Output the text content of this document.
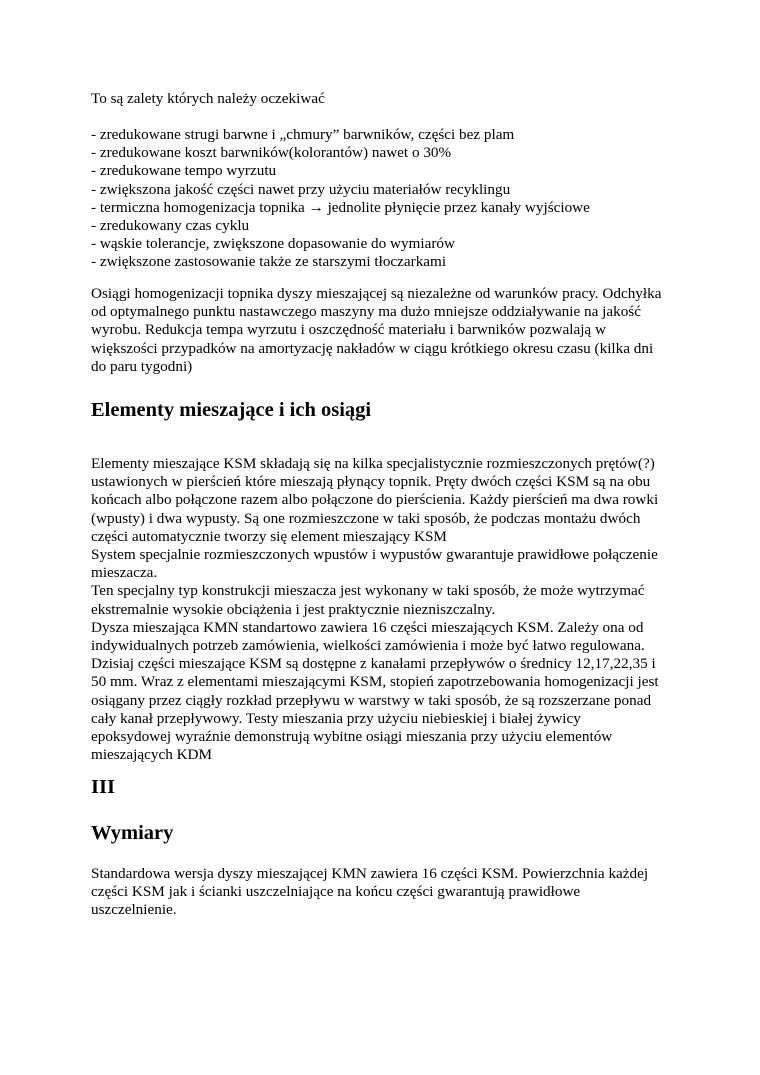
To są zalety których należy oczekiwać
- zredukowane strugi barwne i „chmury” barwników, części bez plam
- zredukowane koszt barwników(kolorantów) nawet o 30%
- zredukowane tempo wyrzutu
- zwiększona jakość części nawet przy użyciu materiałów recyklingu
- termiczna homogenizacja topnika → jednolite płynięcie przez kanały wyjściowe
- zredukowany czas cyklu
- wąskie tolerancje, zwiększone dopasowanie do wymiarów
- zwiększone zastosowanie także ze starszymi tłoczarkami
Osiągi homogenizacji topnika dyszy mieszającej są niezależne od warunków pracy. Odchyłka
od optymalnego punktu nastawczego maszyny ma dużo mniejsze oddziaływanie na jakość
wyrobu. Redukcja tempa wyrzutu i oszczędność materiału i barwników pozwalają w
większości przypadków na amortyzację nakładów w ciągu krótkiego okresu czasu (kilka dni
do paru tygodni)
Elementy mieszające i ich osiągi
Elementy mieszające KSM składają się na kilka specjalistycznie rozmieszczonych prętów(?)
ustawionych w pierścień które mieszają płynący topnik. Pręty dwóch części KSM są na obu
końcach albo połączone razem albo połączone do pierścienia. Każdy pierścień ma dwa rowki
(wpusty) i dwa wypusty. Są one rozmieszczone w taki sposób, że podczas montażu dwóch
części automatycznie tworzy się element mieszający KSM
System specjalnie rozmieszczonych wpustów i wypustów gwarantuje prawidłowe połączenie
mieszacza.
Ten specjalny typ konstrukcji mieszacza jest wykonany w taki sposób, że może wytrzymać
ekstremalnie wysokie obciążenia i jest praktycznie niezniszczalny.
Dysza mieszająca KMN standartowo zawiera 16 części mieszających KSM. Zależy ona od
indywidualnych potrzeb zamówienia, wielkości zamówienia i może być łatwo regulowana.
Dzisiaj części mieszające KSM są dostępne z kanałami przepływów o średnicy 12,17,22,35 i
50 mm. Wraz z elementami mieszającymi KSM, stopień zapotrzebowania homogenizacji jest
osiągany przez ciągły rozkład przepływu w warstwy w taki sposób, że są rozszerzane ponad
cały kanał przepływowy. Testy mieszania przy użyciu niebieskiej i białej żywicy
epoksydowej wyraźnie demonstrują wybitne osiągi mieszania przy użyciu elementów
mieszających KDM
III
Wymiary
Standardowa wersja dyszy mieszającej KMN zawiera 16 części KSM. Powierzchnia każdej
części KSM jak i ścianki uszczelniające na końcu części gwarantują prawidłowe
uszczelnienie.
